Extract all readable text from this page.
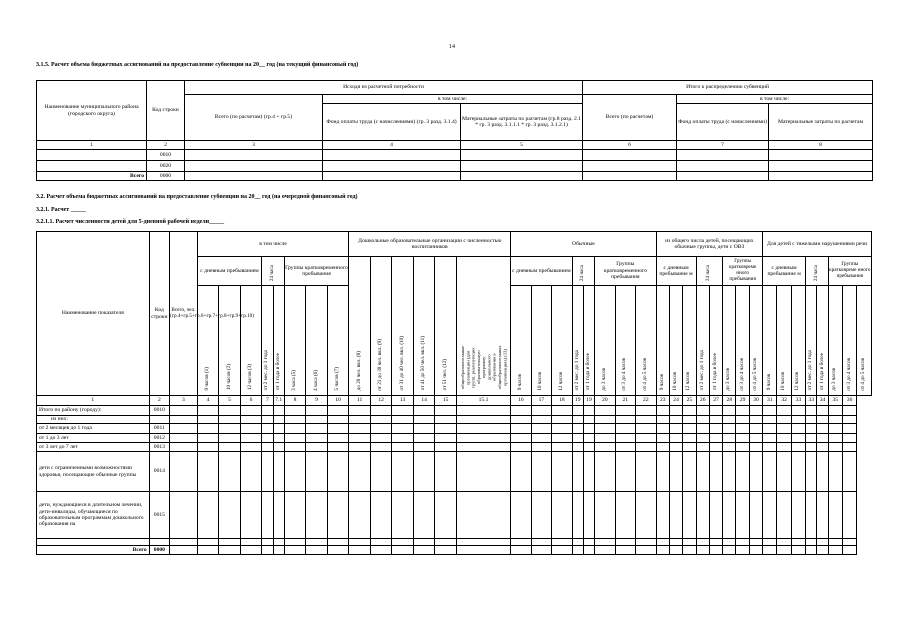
14
3.1.5. Расчет объема бюджетных ассигнований на предоставление субвенции на 20__ год (на текущий финансовый год)
Наименование муниципального района (городского округа)	Код строки	Исходя из расчетной потребности			Итого к распределению субвенций		
		Всего (по расчетам) (гр.4 + гр.5)	в том числе:		Всего (по расчетам)	в том числе:	
			Фонд оплаты труда (с начислениями) (гр. 3 разд. 3.1.4)	Материальные затраты по расчетам (гр.8 разд. 2.1 * гр. 3 разд. 3.1.1.1 * гр. 3 разд. 3.1.2.1)		Фонд оплаты труда (с начислениями)	Материальные затраты по расчетам
1	2	3	4	5	6	7	8
	0010						
	0020						
Всего	0000						
3.2. Расчет объема бюджетных ассигнований на предоставление субвенции на 20__ год (на очередной финансовый год)
3.2.1. Расчет _____
3.2.1.1. Расчет численности детей для 5-дневной рабочей недели_____
Наименование показателя	Код строки	Всего, чел. (гр.4+гр.5+гр.6+гр.7+гр.8+гр.9+гр.10)	в том числе								Дошкольные образовательные организации с численностью воспитанников						Обычные								из общего числа детей, посещающих обычные группы, дети с ОВЗ								Для детей с тяжелыми нарушениями речи							
			с дневным пребыванием			24 часа		Группы кратковременного пребывания			до 20 чел. вкл. (8)	от 21 до 30 чел. вкл. (9)	от 31 до 40 чел. вкл. (10)	от 41 до 50 чел. вкл. (11)	от 51 чел. (12)	общеобразовательные организации (для групп, реализующих образовательную программу дошкольного образования в общеобразовательных организациях) (13)	с дневным пребыванием			24 часа		Группы кратковременного пребывания			с дневным пребывание м			24 часа		Группы кратковреме нного пребывания			с дневным пребывание м			24 часа		Группы кратковреме нного пребывания		
			9 часов (1)	10 часов (2)	12 часов (3)	от 2 мес. до 1 года	от 1 года и более	3 часа (5)	4 часа (6)	5 часов (7)							9 часов	10 часов	12 часов	от 2 мес. до 1 года	от 1 года и более	до 3 часов	от 3 до 4 часов	от 4 до 5 часов	9 часов	10 часов	12 часов	от 2 мес. до 1 года	от 1 года и более	до 3 часов	от 3 до 4 часов	от 4 до 5 часов	9 часов	10 часов	12 часов	от 2 мес. до 1 года	от 1 года и более	до 3 часов	от 3 до 4 часов	от 4 до 5 часов
1	2	3	4	5	6	7	7.1	8	9	10	11	12	13	14	15	15.1	16	17	18	19	19	20	21	22	23	24	25	26	27	28	29	30	31	32	33	33	34	35	36	
Итого по району (городу):	0010																																							
из них:																																								
от 2 месяцев до 1 года	0011																																							
от 1 до 3 лет	0012																																							
от 3 лет до 7 лет	0013																																							
дети с ограниченными возможностями здоровья, посещающие обычные группы	0014																																							
дети, нуждающиеся в длительном лечении, дети-инвалиды, обучающиеся по образовательным программам дошкольного образования на	0015																																							

Всего	0000																																							
